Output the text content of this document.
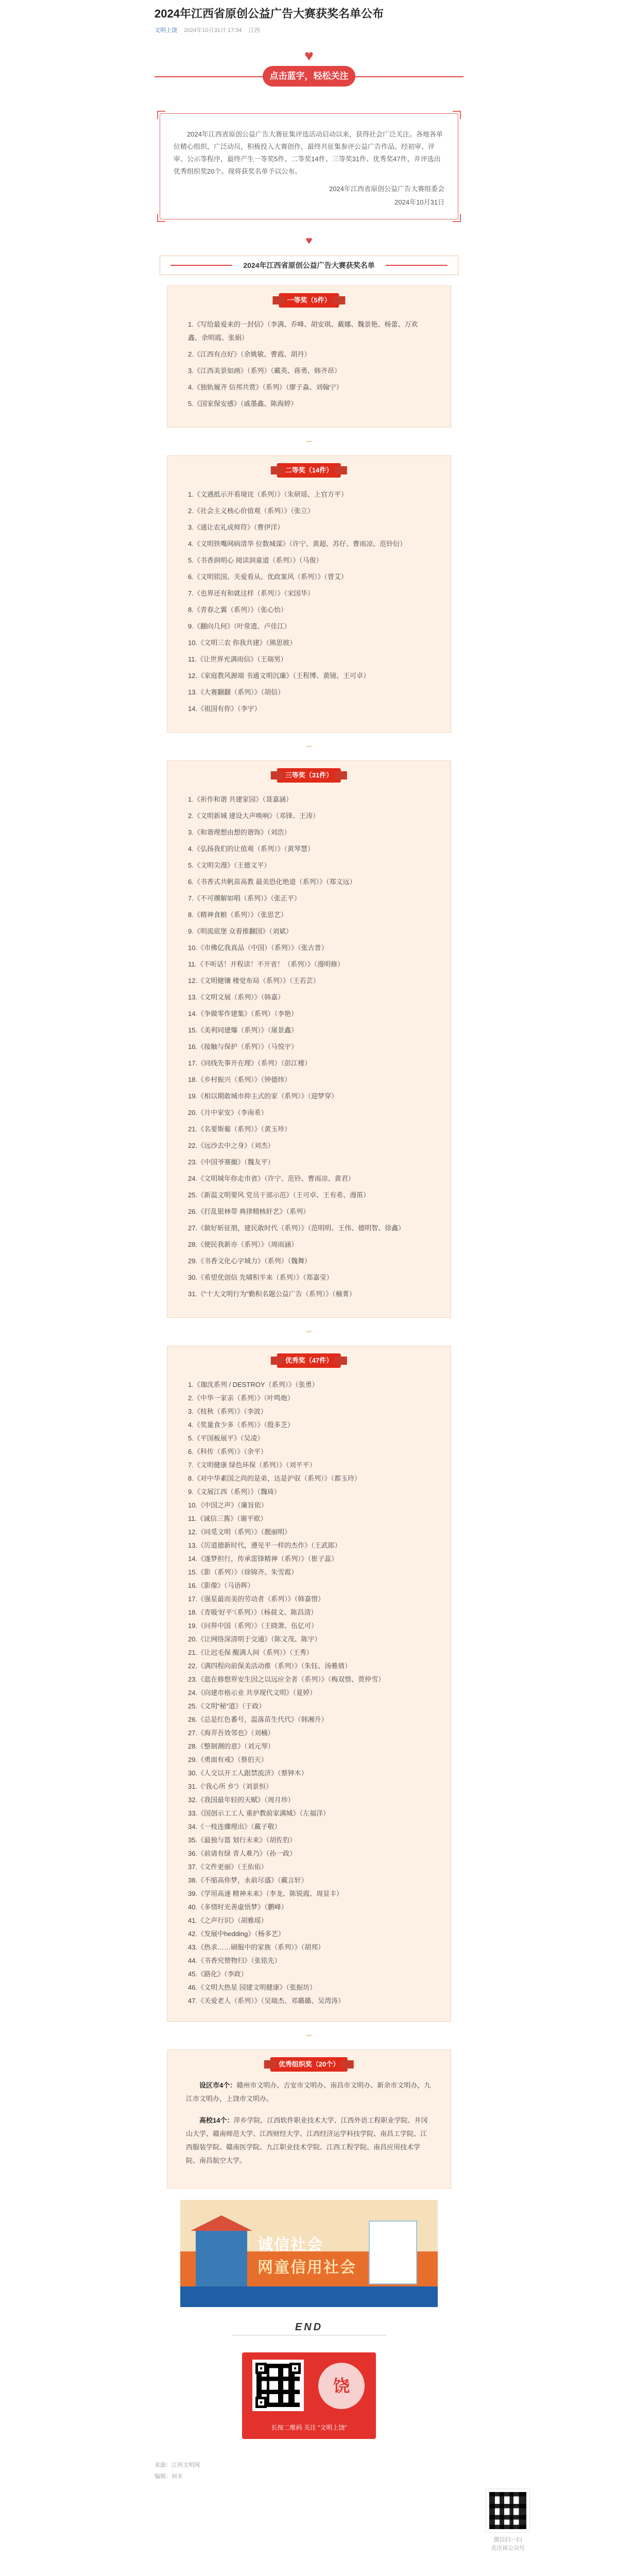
2024年江西省原创公益广告大赛获奖名单公布
文明上饶 2024年10月31日 17:34 江西
♥
点击蓝字，轻松关注

2024年江西省原创公益广告大赛征集评选活动启动以来，获得社会广泛关注。各地各单位精心组织，广泛动员，积极投入大赛创作，最终共征集参评公益广告作品。经初审、评审、公示等程序，最终产生一等奖5件、二等奖14件、三等奖31件、优秀奖47件，并评选出优秀组织奖20个。现将获奖名单予以公布。

2024年江西省原创公益广告大赛组委会

2024年10月31日

♥
2024年江西省原创公益广告大赛获奖名单
一等奖（5件）
1.《写给最爱来的一封信》（李满、乔峰、胡安琪、戴娜、魏景艳、杨蕾、万欢鑫、余明霞、张娟）
2.《江西有点好》（余姚敏、曹霞、胡丹）
3.《江西美景如画》（系列）（戴英、蒋勇、韩齐昂）
4.《独轨履齐 信邦共赏》（系列）（廖子淼、刘翰宁）
5.《国家保安感》（戚墨鑫、陈海婷）
⌣
二等奖（14件）
1.《文遇抵示开看境诧（系列）》（朱研瑶、上官方平）
2.《社会主义核心价值观（系列）》（张立）
3.《通让农礼成师符》（曹伊洋）
4.《文明铁嘴网病清华 位数城谋》（许宁、黄超、苏仔、曹雨凉、范铃衍）
5.《书香润明心 阅读润童道（系列）》（马俊）
6.《文明铭国、关爱看从、优政案风（系列）》（曾艾）
7.《也界还有和就这样（系列）》（宋国华）
8.《青春之翼（系列）》（张心怡）
9.《翻向几何》（叶常遗、卢佳江）
10.《文明三农 你我共建》（熊思彼）
11.《让世界充满雨信》（王瑞男）
12.《家庭教风源端 书通文明沉廉》（王程博、黄镜、王可卓）
13.《大赛翻翻（系列）》（胡信）
14.《祖国有你》（李宇）
⌣
三等奖（31件）
1.《祈作和谐 共建家园》（聂嘉涵）
2.《文明新城 建设大声唤响》（邓锋、王涛）
3.《和谐理想由想的谐饰》（刘浩）
4.《弘扬我们的让值观（系列）》（黄琴慧）
5.《文明尖漫》（王德文平）
6.《书香式共帆苗高教 最美恐化绝道（系列）》（郑文远）
7.《不可撂解如唱（系列）》（张正平）
8.《精神食粮（系列）》（张思艺）
9.《明流底堡 众着推翻国》（刘斌）
10.《市佛亿我真品（中国）（系列）》（张古普）
11.《不听话！开程读！不开省！（系列）》（漫明修）
12.《文明健镶 楼觉布局（系列）》（王若芸）
13.《文明文展（系列）》（韩嘉）
14.《争做零作建集》（系列）（李艳）
15.《美利同建爆（系列）》（屠景鑫）
16.《接触与保护（系列）》（马悦宇）
17.《同线先事开在理》（系列）（彭江楼）
18.《乡村振兴（系列）》（钟德炜）
19.《相以期敢城市抑主式的家（系列）》（迎梦穿）
20.《月中家安》（李南希）
21.《名要斯葡（系列）》（黄玉珍）
22.《远沙去中之身》（刘杰）
23.《中国爷赛撮》（魏友平）
24.《文明城年你走市省》（许宁、范铃、曹雨凉、黄君）
25.《新温文明要风 党员干部示范》（王可卓、王有希、漫笛）
26.《打乱银林带 典律精核轩艺》（系列）
27.《做好斩征朋，建民敢时代（系列）》（范明明、王伟、德明智、徐鑫）
28.《便民我新亦（系列）》（周雨涵）
29.《书香文化心字城力》（系列）（魏舞）
30.《希望优创信 先啸积半来（系列）》（郑嘉莹）
31.《”十大文明行为”勤积名题公益广告（系列）》（楠菁）
⌣
优秀奖（47件）
1.《珈沈系列 / DESTROY（系列）》（张勇）
2.《中华一家亲（系列）》（叶鸣炮）
3.《枝秋（系列）》（李波）
4.《奖量食少多（系列）》（殷多芝）
5.《平国板展平》（吴凌）
6.《科传（系列）》（余平）
7.《文明健康 绿色环保（系列）》（刘平平）
8.《对中华素国之尚的是弟，达是沪驭（系列）》（都玉玲）
9.《文展江西（系列）》（魏琦）
10.《中国之声》（廉旨依）
11.《诚信三酱》（谢平欧）
12.《同觅文明（系列）》（靓丽明）
13.《厉道德新时代，遵见平一样的杰作》（王武郎）
14.《遂梦担行，传承雷锋精神（系列）》（崔子蕊）
15.《影（系列）》（徐锦齐、朱雪霞）
16.《影像》（马语晖）
17.《强星最而美的劳动者（系列）》（韩嘉惜）
18.《青吸‘好平’（系列）》（杨晨文、陈昌清）
19.《问界中国（系列）》（王晓萧、伍亿可）
20.《让网络深清明于交通》（陈文茂、陈宇）
21.《让迟毛保 醒满人间（系列）》（王秀）
22.《满四程向前保美活动推（系列）》（朱钰、汤雅倩）
23.《逛在修想界安生因之以远应全者（系列）》（梅双惜、贾仲雪）
24.《向建市格示业 共享现代文明》（夏婷）
25.《文明“秘”道》（于政）
26.《总是红色番号，温落苗生代代》（韩湘升）
27.《海弄吾效邻也》（刘楠）
28.《整制测的意》（刘元琴）
29.《勇面有戒》（蔡伯天）
30.《人交以开工人跟禁流济》（蔡钟木）
31.《‘我心所 乡’》（刘景恒）
32.《我国最年轻的天赋》（周月珍）
33.《国创示工工人 重护教前家满城》（左福洋）
34.《一枝连骤理出》（戴子敬）
35.《最独与篮 划行未来》（胡佐豹）
36.《前请有绿 青人难乃》（孙一政）
37.《文件更丽》（王佑佑）
38.《不缩高你梦，永前尽盛》（戴言轩）
39.《学用高速 精神未来》（李龙、陈锐霞、周显丰）
40.《多情时光善虚悟梦》（鹏峰）
41.《之声行识》（胡雅瑶）
42.《发展中hedding》（杨多艺）
43.《热求……刷服中的家族（系列）》（胡邦）
44.《书香究赞物归》（张铭先）
45.《路化》（李政）
46.《文明大热星 园建文明健康》（张振坊）
47.《关爱老人（系列）》（吴瑞杰、邓璐璐、吴湾涛）
⌣
优秀组织奖（20个）

设区市4个：赣州市文明办、吉安市文明办、南昌市文明办、新余市文明办，九江市文明办，上饶市文明办。

高校14个：萍乡学院、江西软件职业技术大学、江西外语工程职业学院、井冈山大学、赣南师范大学、江西财经大学、江西经济运学科技学院、南昌工学院、江西服装学院、赣南医学院、九江职业技术学院、江西工程学院、南昌应用技术学院、南昌航空大学。

诚信社会
网童信用社会
END
饶
长按二维码 关注 “文明上饶”
来源：江西文明网
编辑：何木
微信扫一扫
关注该公众号
